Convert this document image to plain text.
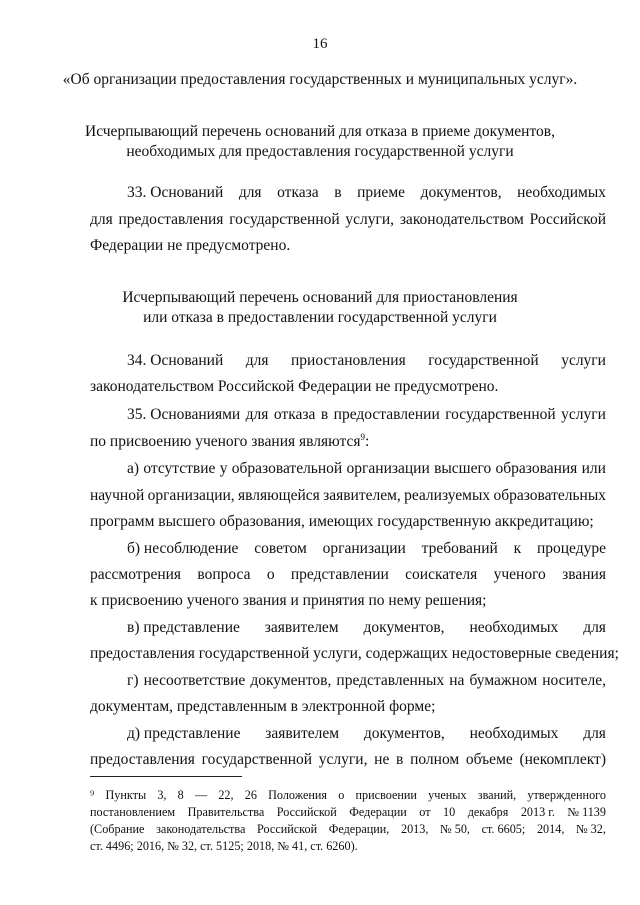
16
«Об организации предоставления государственных и муниципальных услуг».
Исчерпывающий перечень оснований для отказа в приеме документов,
необходимых для предоставления государственной услуги
33. Оснований для отказа в приеме документов, необходимых
для предоставления государственной услуги, законодательством Российской
Федерации не предусмотрено.
Исчерпывающий перечень оснований для приостановления
или отказа в предоставлении государственной услуги
34. Оснований для приостановления государственной услуги
законодательством Российской Федерации не предусмотрено.
35. Основаниями для отказа в предоставлении государственной услуги
по присвоению ученого звания являются$^9$:
а) отсутствие у образовательной организации высшего образования или
научной организации, являющейся заявителем, реализуемых образовательных
программ высшего образования, имеющих государственную аккредитацию;
б) несоблюдение советом организации требований к процедуре
рассмотрения вопроса о представлении соискателя ученого звания
к присвоению ученого звания и принятия по нему решения;
в) представление заявителем документов, необходимых для
предоставления государственной услуги, содержащих недостоверные сведения;
г) несоответствие документов, представленных на бумажном носителе,
документам, представленным в электронной форме;
д) представление заявителем документов, необходимых для
предоставления государственной услуги, не в полном объеме (некомплект)
⁹ Пункты 3, 8 — 22, 26 Положения о присвоении ученых званий, утвержденного
постановлением Правительства Российской Федерации от 10 декабря 2013 г. № 1139
(Собрание законодательства Российской Федерации, 2013, № 50, ст. 6605; 2014, № 32,
ст. 4496; 2016, № 32, ст. 5125; 2018, № 41, ст. 6260).
